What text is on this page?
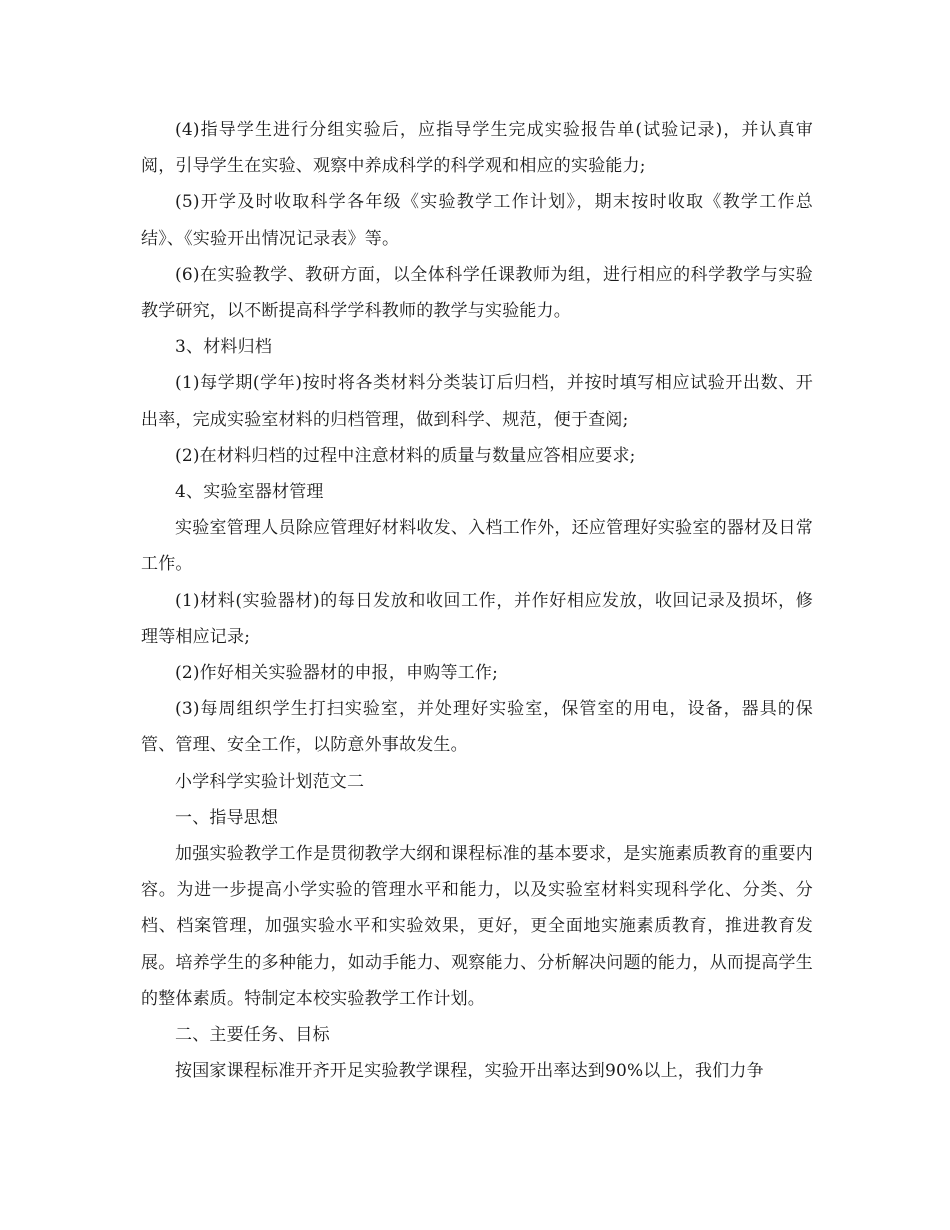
(4)指导学生进行分组实验后，应指导学生完成实验报告单(试验记录)，并认真审阅，引导学生在实验、观察中养成科学的科学观和相应的实验能力;

(5)开学及时收取科学各年级《实验教学工作计划》，期末按时收取《教学工作总结》、《实验开出情况记录表》等。

(6)在实验教学、教研方面，以全体科学任课教师为组，进行相应的科学教学与实验教学研究，以不断提高科学学科教师的教学与实验能力。

3、材料归档

(1)每学期(学年)按时将各类材料分类装订后归档，并按时填写相应试验开出数、开出率，完成实验室材料的归档管理，做到科学、规范，便于查阅;

(2)在材料归档的过程中注意材料的质量与数量应答相应要求;

4、实验室器材管理

实验室管理人员除应管理好材料收发、入档工作外，还应管理好实验室的器材及日常工作。

(1)材料(实验器材)的每日发放和收回工作，并作好相应发放，收回记录及损坏，修理等相应记录;

(2)作好相关实验器材的申报，申购等工作;

(3)每周组织学生打扫实验室，并处理好实验室，保管室的用电，设备，器具的保管、管理、安全工作，以防意外事故发生。

小学科学实验计划范文二

一、指导思想

加强实验教学工作是贯彻教学大纲和课程标准的基本要求，是实施素质教育的重要内容。为进一步提高小学实验的管理水平和能力，以及实验室材料实现科学化、分类、分档、档案管理，加强实验水平和实验效果，更好，更全面地实施素质教育，推进教育发展。培养学生的多种能力，如动手能力、观察能力、分析解决问题的能力，从而提高学生的整体素质。特制定本校实验教学工作计划。

二、主要任务、目标

按国家课程标准开齐开足实验教学课程，实验开出率达到90%以上，我们力争
